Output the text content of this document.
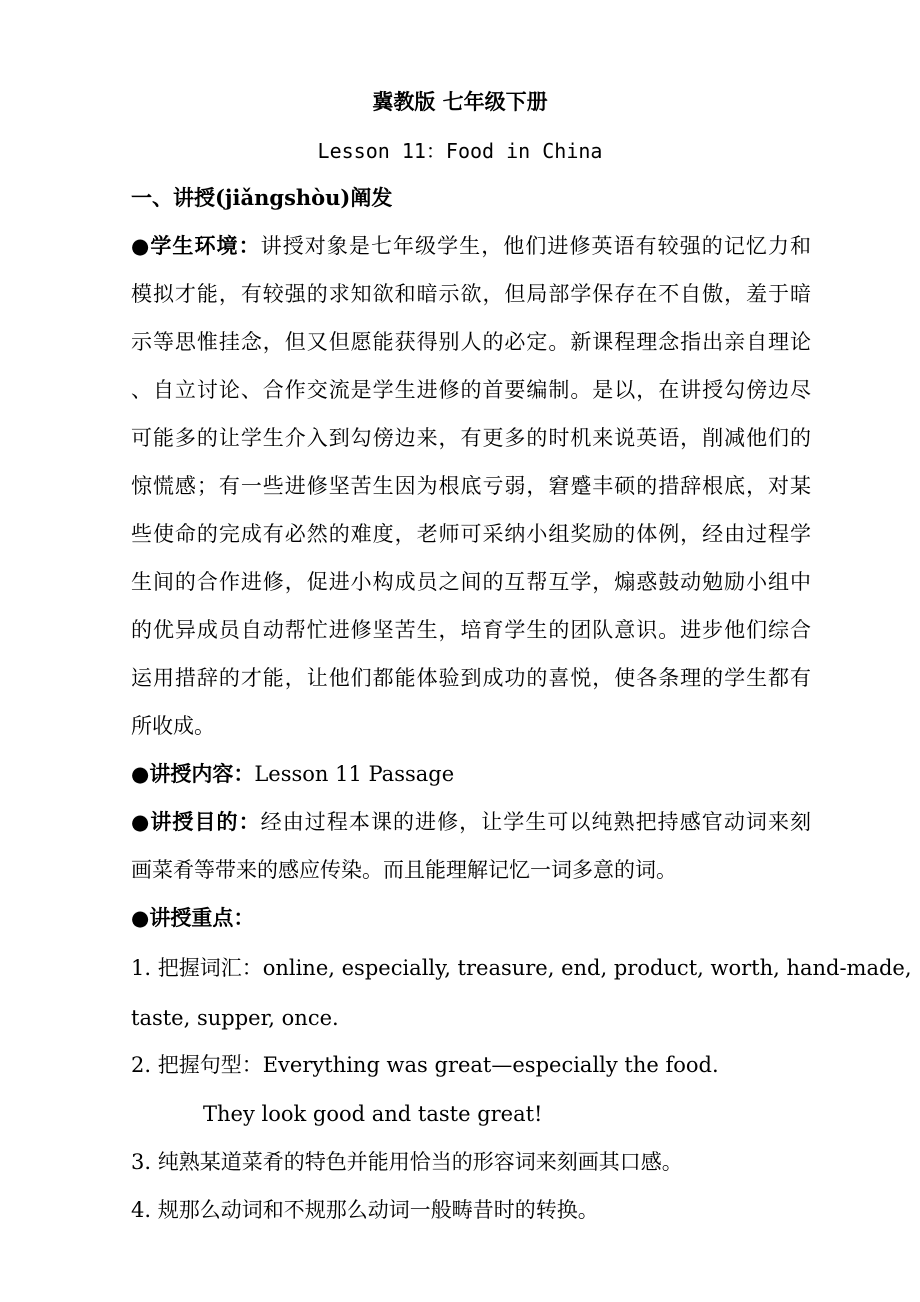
冀教版 七年级下册
Lesson 11：Food in China
一、讲授(jiǎngshòu)阐发
●学生环境：讲授对象是七年级学生，他们进修英语有较强的记忆力和
模拟才能，有较强的求知欲和暗示欲，但局部学保存在不自傲，羞于暗
示等思惟挂念，但又但愿能获得别人的必定。新课程理念指出亲自理论
、自立讨论、合作交流是学生进修的首要编制。是以，在讲授勾傍边尽
可能多的让学生介入到勾傍边来，有更多的时机来说英语，削减他们的
惊慌感；有一些进修坚苦生因为根底亏弱，窘蹙丰硕的措辞根底，对某
些使命的完成有必然的难度，老师可采纳小组奖励的体例，经由过程学
生间的合作进修，促进小构成员之间的互帮互学，煽惑鼓动勉励小组中
的优异成员自动帮忙进修坚苦生，培育学生的团队意识。进步他们综合
运用措辞的才能，让他们都能体验到成功的喜悦，使各条理的学生都有
所收成。
●讲授内容：Lesson 11 Passage
●讲授目的：经由过程本课的进修，让学生可以纯熟把持感官动词来刻
画菜肴等带来的感应传染。而且能理解记忆一词多意的词。
●讲授重点：
1. 把握词汇：online, especially, treasure, end, product, worth, hand-made,
taste, supper, once.
2. 把握句型：Everything was great—especially the food.
They look good and taste great!
3. 纯熟某道菜肴的特色并能用恰当的形容词来刻画其口感。
4. 规那么动词和不规那么动词一般畴昔时的转换。
